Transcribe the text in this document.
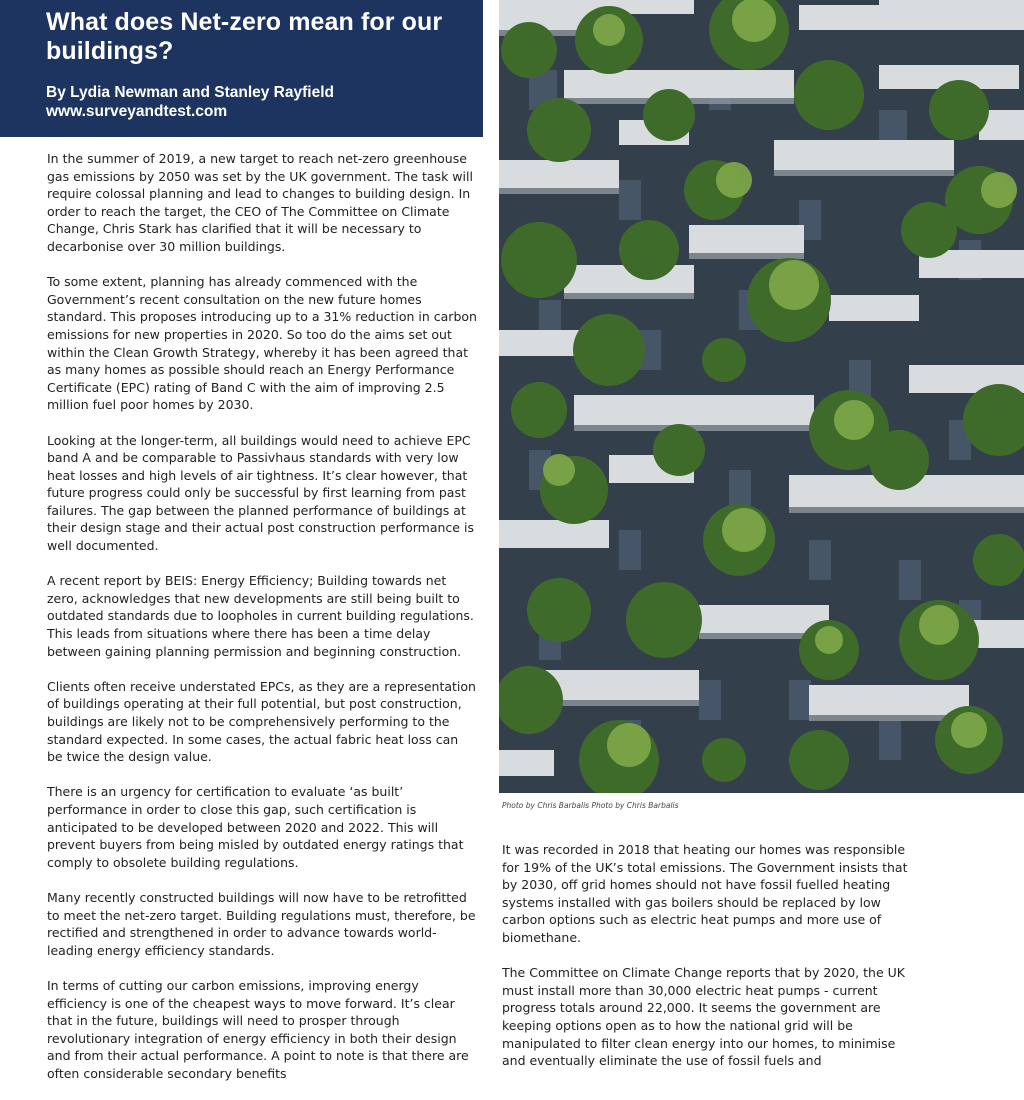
What does Net-zero mean for our buildings?
By Lydia Newman and Stanley Rayfield
www.surveyandtest.com

In the summer of 2019, a new target to reach net-zero greenhouse gas emissions by 2050 was set by the UK government. The task will require colossal planning and lead to changes to building design. In order to reach the target, the CEO of The Committee on Climate Change, Chris Stark has clarified that it will be necessary to decarbonise over 30 million buildings.

To some extent, planning has already commenced with the Government’s recent consultation on the new future homes standard. This proposes introducing up to a 31% reduction in carbon emissions for new properties in 2020. So too do the aims set out within the Clean Growth Strategy, whereby it has been agreed that as many homes as possible should reach an Energy Performance Certificate (EPC) rating of Band C with the aim of improving 2.5 million fuel poor homes by 2030.

Looking at the longer-term, all buildings would need to achieve EPC band A and be comparable to Passivhaus standards with very low heat losses and high levels of air tightness. It’s clear however, that future progress could only be successful by first learning from past failures. The gap between the planned performance of buildings at their design stage and their actual post construction performance is well documented.

A recent report by BEIS: Energy Efficiency; Building towards net zero, acknowledges that new developments are still being built to outdated standards due to loopholes in current building regulations. This leads from situations where there has been a time delay between gaining planning permission and beginning construction.

Clients often receive understated EPCs, as they are a representation of buildings operating at their full potential, but post construction, buildings are likely not to be comprehensively performing to the standard expected. In some cases, the actual fabric heat loss can be twice the design value.

There is an urgency for certification to evaluate ‘as built’ performance in order to close this gap, such certification is anticipated to be developed between 2020 and 2022. This will prevent buyers from being misled by outdated energy ratings that comply to obsolete building regulations.

Many recently constructed buildings will now have to be retrofitted to meet the net-zero target. Building regulations must, therefore, be rectified and strengthened in order to advance towards world-leading energy efficiency standards.

In terms of cutting our carbon emissions, improving energy efficiency is one of the cheapest ways to move forward. It’s clear that in the future, buildings will need to prosper through revolutionary integration of energy efficiency in both their design and from their actual performance. A point to note is that there are often considerable secondary benefits

Photo by Chris Barbalis Photo by Chris Barbalis

It was recorded in 2018 that heating our homes was responsible for 19% of the UK’s total emissions. The Government insists that by 2030, off grid homes should not have fossil fuelled heating systems installed with gas boilers should be replaced by low carbon options such as electric heat pumps and more use of biomethane.

The Committee on Climate Change reports that by 2020, the UK must install more than 30,000 electric heat pumps - current progress totals around 22,000. It seems the government are keeping options open as to how the national grid will be manipulated to filter clean energy into our homes, to minimise and eventually eliminate the use of fossil fuels and
